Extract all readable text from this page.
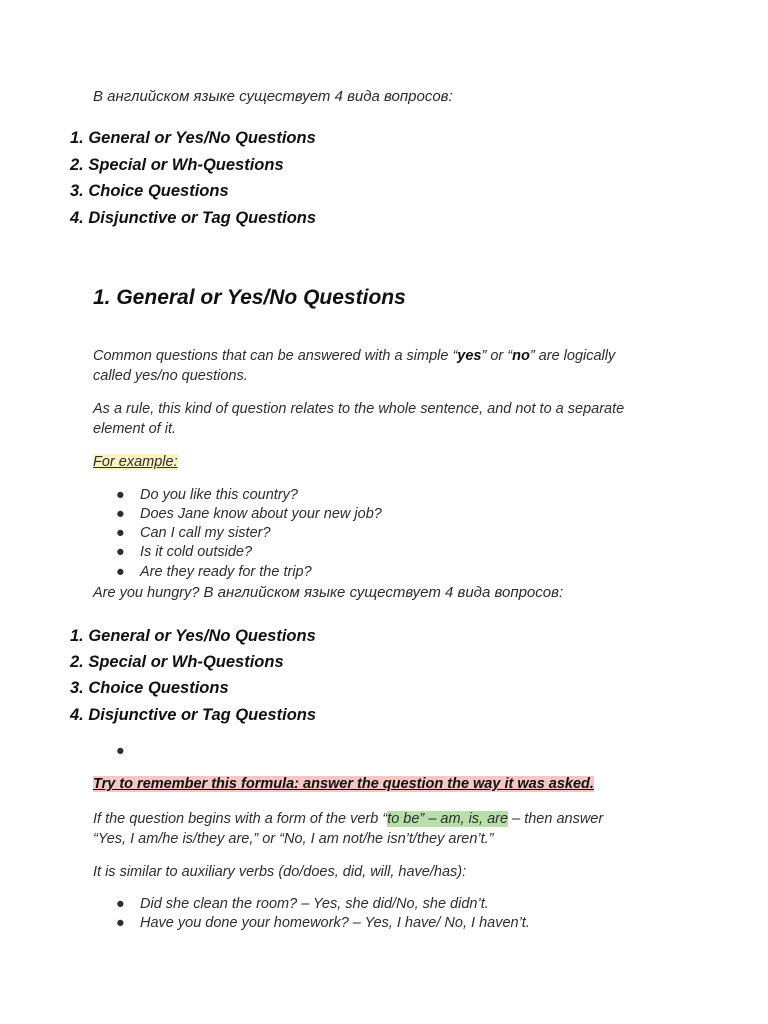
В английском языке существует 4 вида вопросов:
1. General or Yes/No Questions
2. Special or Wh-Questions
3. Choice Questions
4. Disjunctive or Tag Questions
1. General or Yes/No Questions
Common questions that can be answered with a simple “yes” or “no” are logically
called yes/no questions.
As a rule, this kind of question relates to the whole sentence, and not to a separate
element of it.
For example:
● Do you like this country?
● Does Jane know about your new job?
● Can I call my sister?
● Is it cold outside?
● Are they ready for the trip?
Are you hungry? В английском языке существует 4 вида вопросов:
1. General or Yes/No Questions
2. Special or Wh-Questions
3. Choice Questions
4. Disjunctive or Tag Questions
●
Try to remember this formula: answer the question the way it was asked.
If the question begins with a form of the verb “to be” – am, is, are – then answer
“Yes, I am/he is/they are,” or “No, I am not/he isn’t/they aren’t.”
It is similar to auxiliary verbs (do/does, did, will, have/has):
● Did she clean the room? – Yes, she did/No, she didn’t.
● Have you done your homework? – Yes, I have/ No, I haven’t.
